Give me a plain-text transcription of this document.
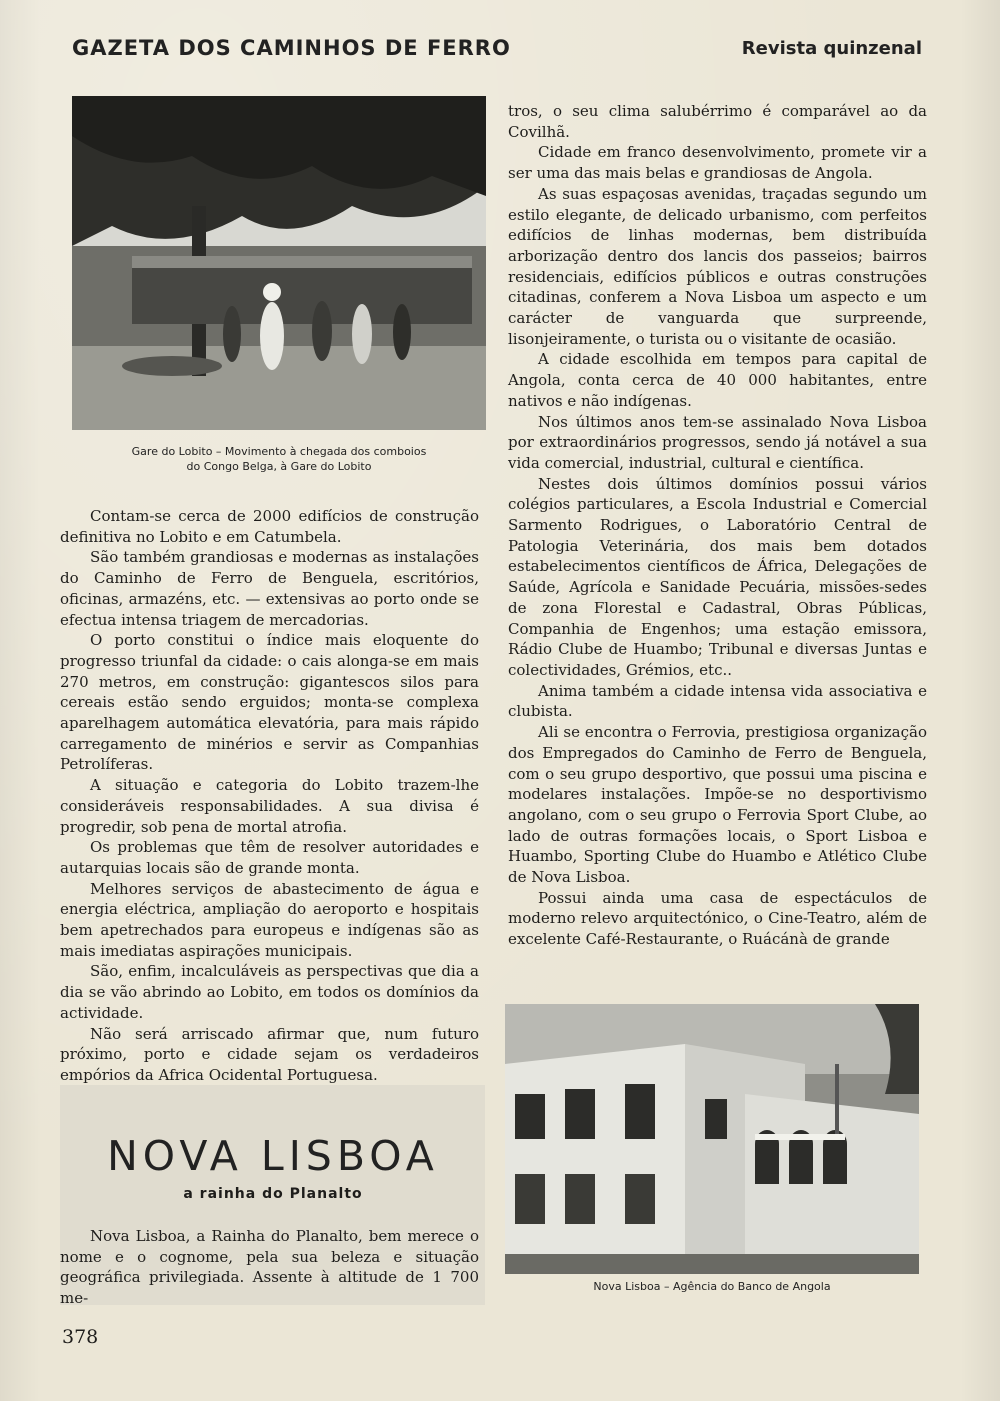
GAZETA DOS CAMINHOS DE FERRO	Revista quinzenal
Gare do Lobito – Movimento à chegada dos comboios
do Congo Belga, à Gare do Lobito

Contam-se cerca de 2000 edifícios de construção definitiva no Lobito e em Catumbela.

São também grandiosas e modernas as instalações do Caminho de Ferro de Benguela, escritórios, oficinas, armazéns, etc. — extensivas ao porto onde se efectua intensa triagem de mercadorias.

O porto constitui o índice mais eloquente do progresso triunfal da cidade: o cais alonga-se em mais 270 metros, em construção: gigantescos silos para cereais estão sendo erguidos; monta-se complexa aparelhagem automática elevatória, para mais rápido carregamento de minérios e servir as Companhias Petrolíferas.

A situação e categoria do Lobito trazem-lhe consideráveis responsabilidades. A sua divisa é progredir, sob pena de mortal atrofia.

Os problemas que têm de resolver autoridades e autarquias locais são de grande monta.

Melhores serviços de abastecimento de água e energia eléctrica, ampliação do aeroporto e hospitais bem apetrechados para europeus e indígenas são as mais imediatas aspirações municipais.

São, enfim, incalculáveis as perspectivas que dia a dia se vão abrindo ao Lobito, em todos os domínios da actividade.

Não será arriscado afirmar que, num futuro próximo, porto e cidade sejam os verdadeiros empórios da Africa Ocidental Portuguesa.

NOVA LISBOA
a rainha do Planalto

Nova Lisboa, a Rainha do Planalto, bem merece o nome e o cognome, pela sua beleza e situação geográfica privilegiada. Assente à altitude de 1 700 me-

tros, o seu clima salubérrimo é comparável ao da Covilhã.

Cidade em franco desenvolvimento, promete vir a ser uma das mais belas e grandiosas de Angola.

As suas espaçosas avenidas, traçadas segundo um estilo elegante, de delicado urbanismo, com perfeitos edifícios de linhas modernas, bem distribuída arborização dentro dos lancis dos passeios; bairros residenciais, edifícios públicos e outras construções citadinas, conferem a Nova Lisboa um aspecto e um carácter de vanguarda que surpreende, lisonjeiramente, o turista ou o visitante de ocasião.

A cidade escolhida em tempos para capital de Angola, conta cerca de 40 000 habitantes, entre nativos e não indígenas.

Nos últimos anos tem-se assinalado Nova Lisboa por extraordinários progressos, sendo já notável a sua vida comercial, industrial, cultural e científica.

Nestes dois últimos domínios possui vários colégios particulares, a Escola Industrial e Comercial Sarmento Rodrigues, o Laboratório Central de Patologia Veterinária, dos mais bem dotados estabelecimentos científicos de África, Delegações de Saúde, Agrícola e Sanidade Pecuária, missões-sedes de zona Florestal e Cadastral, Obras Públicas, Companhia de Engenhos; uma estação emissora, Rádio Clube de Huambo; Tribunal e diversas Juntas e colectividades, Grémios, etc..

Anima também a cidade intensa vida associativa e clubista.

Ali se encontra o Ferrovia, prestigiosa organização dos Empregados do Caminho de Ferro de Benguela, com o seu grupo desportivo, que possui uma piscina e modelares instalações. Impõe-se no desportivismo angolano, com o seu grupo o Ferrovia Sport Clube, ao lado de outras formações locais, o Sport Lisboa e Huambo, Sporting Clube do Huambo e Atlético Clube de Nova Lisboa.

Possui ainda uma casa de espectáculos de moderno relevo arquitectónico, o Cine-Teatro, além de excelente Café-Restaurante, o Ruácánà de grande

Nova Lisboa – Agência do Banco de Angola
378
